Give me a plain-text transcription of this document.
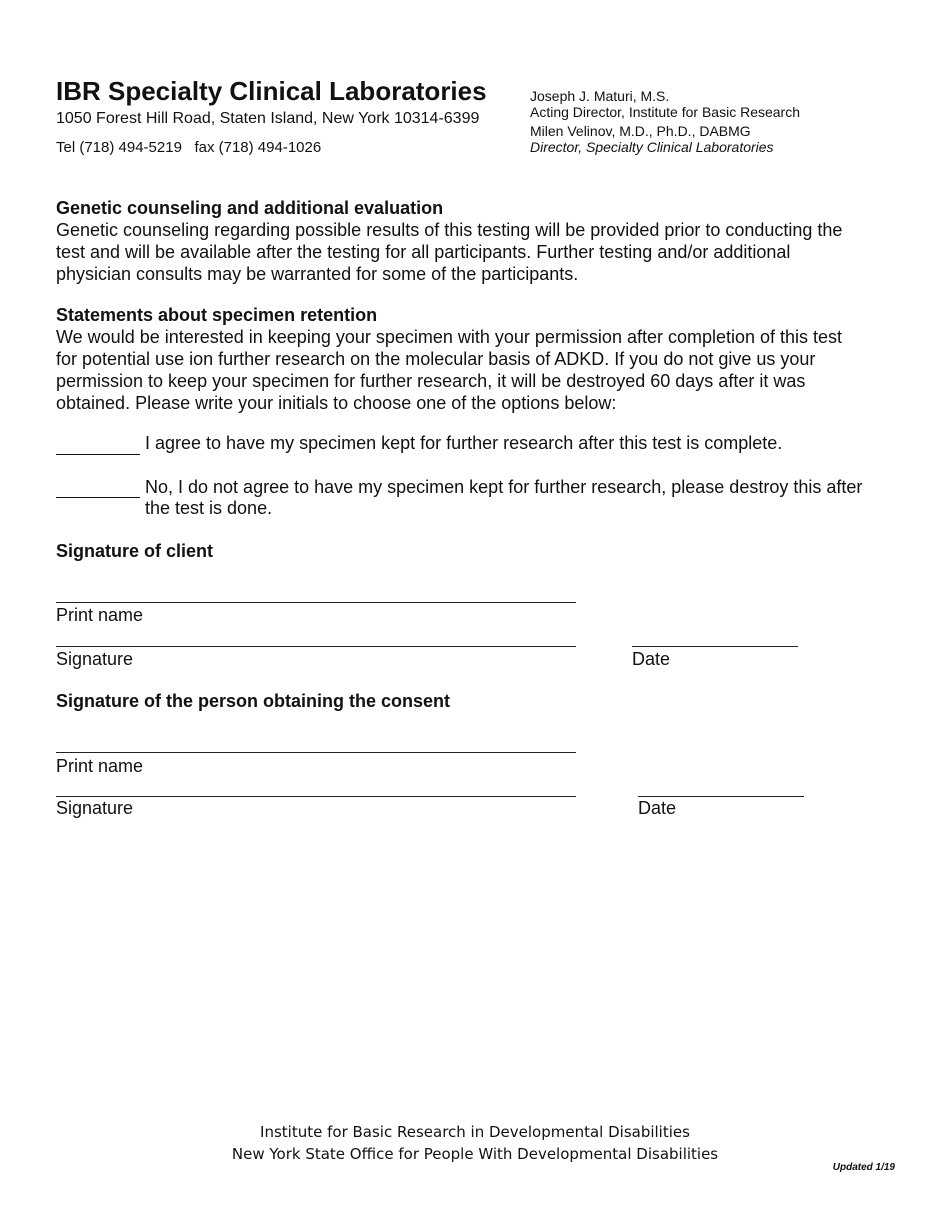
IBR Specialty Clinical Laboratories
1050 Forest Hill Road, Staten Island, New York 10314-6399
Tel (718) 494-5219 fax (718) 494-1026
Joseph J. Maturi, M.S.
Acting Director, Institute for Basic Research
Milen Velinov, M.D., Ph.D., DABMG
Director, Specialty Clinical Laboratories
Genetic counseling and additional evaluation
Genetic counseling regarding possible results of this testing will be provided prior to conducting the
test and will be available after the testing for all participants. Further testing and/or additional
physician consults may be warranted for some of the participants.
Statements about specimen retention
We would be interested in keeping your specimen with your permission after completion of this test
for potential use ion further research on the molecular basis of ADKD. If you do not give us your
permission to keep your specimen for further research, it will be destroyed 60 days after it was
obtained. Please write your initials to choose one of the options below:
I agree to have my specimen kept for further research after this test is complete.
No, I do not agree to have my specimen kept for further research, please destroy this after
the test is done.
Signature of client
Print name
Signature	Date
Signature of the person obtaining the consent
Print name
Signature	Date
Institute for Basic Research in Developmental Disabilities
New York State Office for People With Developmental Disabilities
Updated 1/19
